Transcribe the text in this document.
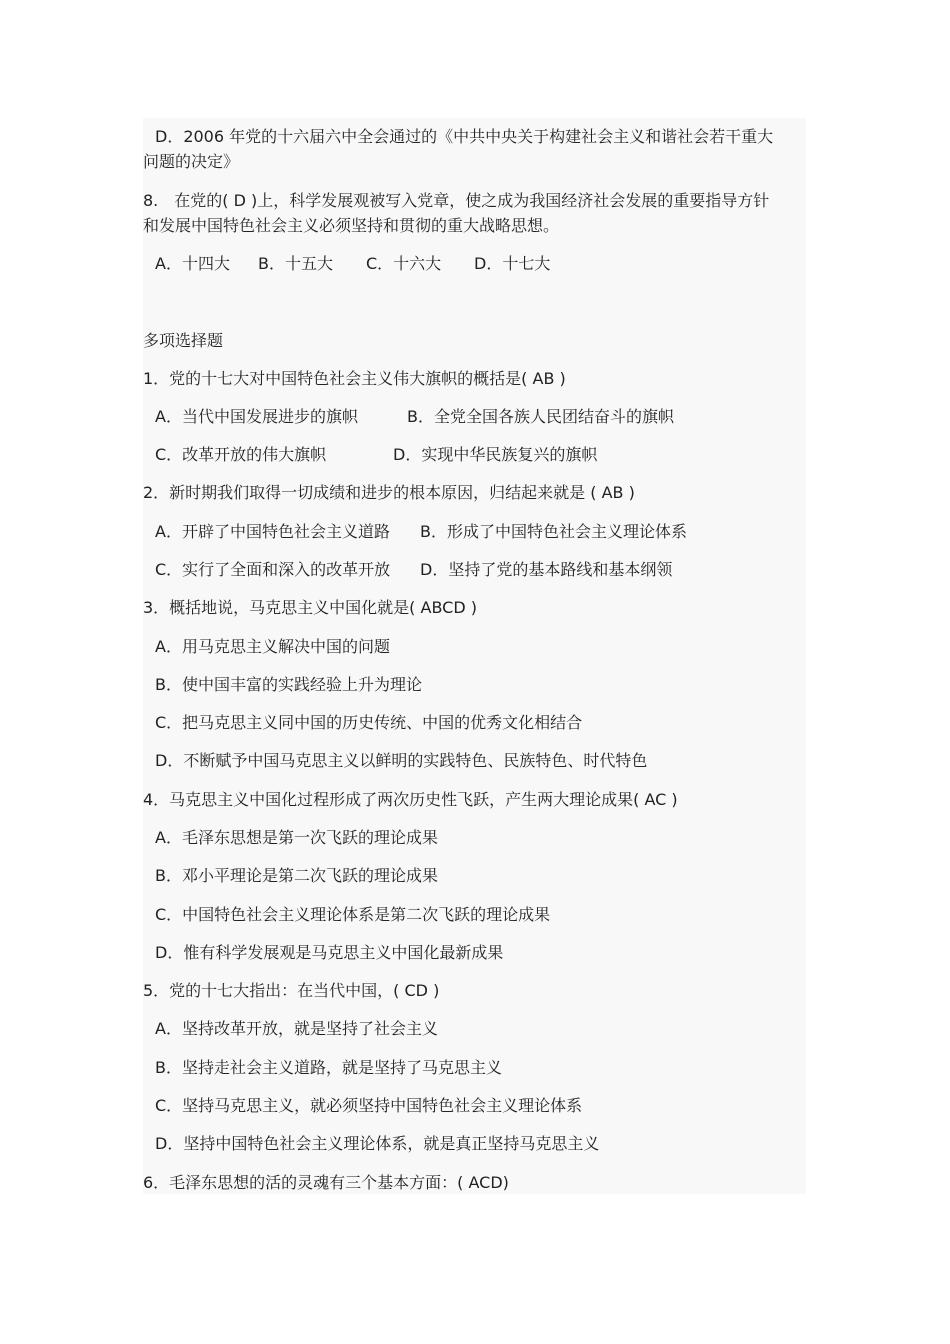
D．2006 年党的十六届六中全会通过的《中共中央关于构建社会主义和谐社会若干重大
问题的决定》
8.　在党的( D )上，科学发展观被写入党章，使之成为我国经济社会发展的重要指导方针
和发展中国特色社会主义必须坚持和贯彻的重大战略思想。
A．十四大 B．十五大 C．十六大 D．十七大
多项选择题
1．党的十七大对中国特色社会主义伟大旗帜的概括是( AB )
A．当代中国发展进步的旗帜	B．全党全国各族人民团结奋斗的旗帜
C．改革开放的伟大旗帜	D．实现中华民族复兴的旗帜
2．新时期我们取得一切成绩和进步的根本原因，归结起来就是 ( AB )
A．开辟了中国特色社会主义道路 B．形成了中国特色社会主义理论体系
C．实行了全面和深入的改革开放 D．坚持了党的基本路线和基本纲领
3．概括地说，马克思主义中国化就是( ABCD )
A．用马克思主义解决中国的问题
B．使中国丰富的实践经验上升为理论
C．把马克思主义同中国的历史传统、中国的优秀文化相结合
D．不断赋予中国马克思主义以鲜明的实践特色、民族特色、时代特色
4．马克思主义中国化过程形成了两次历史性飞跃，产生两大理论成果( AC )
A．毛泽东思想是第一次飞跃的理论成果
B．邓小平理论是第二次飞跃的理论成果
C．中国特色社会主义理论体系是第二次飞跃的理论成果
D．惟有科学发展观是马克思主义中国化最新成果
5．党的十七大指出：在当代中国，( CD )
A．坚持改革开放，就是坚持了社会主义
B．坚持走社会主义道路，就是坚持了马克思主义
C．坚持马克思主义，就必须坚持中国特色社会主义理论体系
D．坚持中国特色社会主义理论体系，就是真正坚持马克思主义
6．毛泽东思想的活的灵魂有三个基本方面：( ACD)
